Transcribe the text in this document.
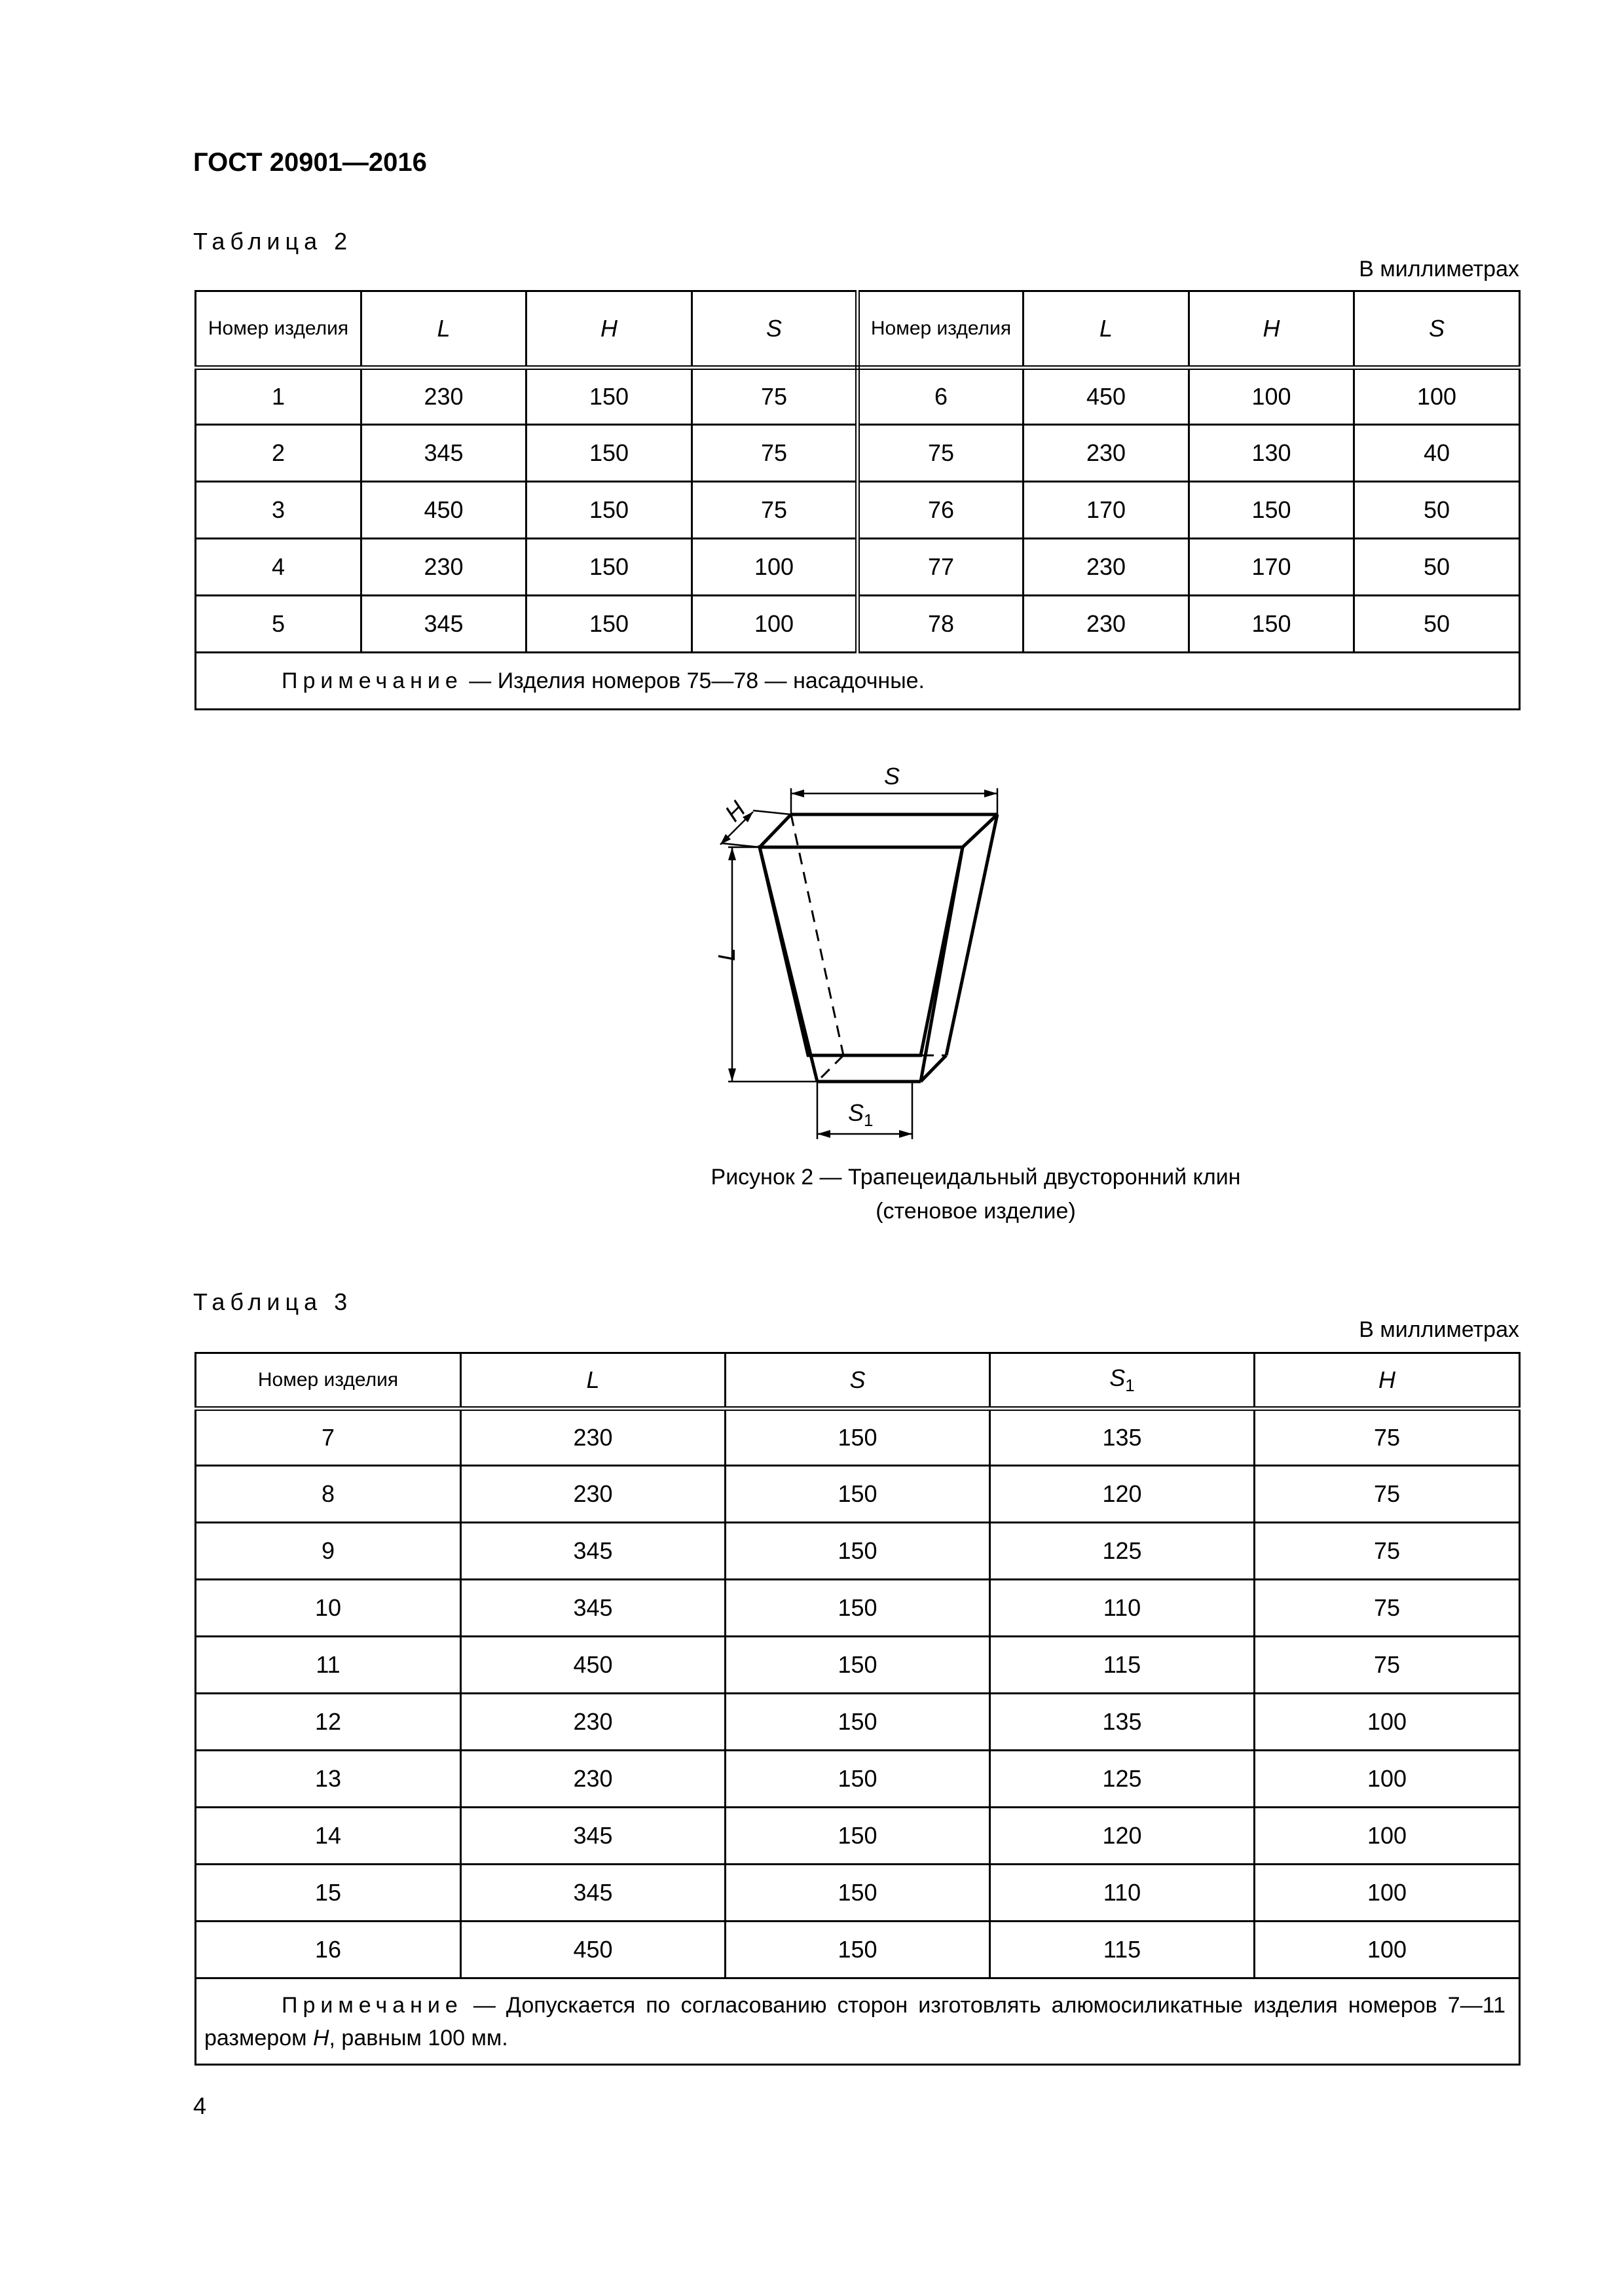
ГОСТ 20901—2016
Таблица 2
В миллиметрах
Номер изделия	L	H	S	Номер изделия	L	H	S
1	230	150	75	6	450	100	100
2	345	150	75	75	230	130	40
3	450	150	75	76	170	150	50
4	230	150	100	77	230	170	50
5	345	150	100	78	230	150	50
Примечание — Изделия номеров 75—78 — насадочные.							
S
H
L
$S_1$
Рисунок 2 — Трапецеидальный двусторонний клин
(стеновое изделие)
Таблица 3
В миллиметрах
Номер изделия	L	S	$S_1$	H
7	230	150	135	75
8	230	150	120	75
9	345	150	125	75
10	345	150	110	75
11	450	150	115	75
12	230	150	135	100
13	230	150	125	100
14	345	150	120	100
15	345	150	110	100
16	450	150	115	100
Примечание — Допускается по согласованию сторон изготовлять алюмосиликатные изделия номеров 7—11 размером H, равным 100 мм.				
4
